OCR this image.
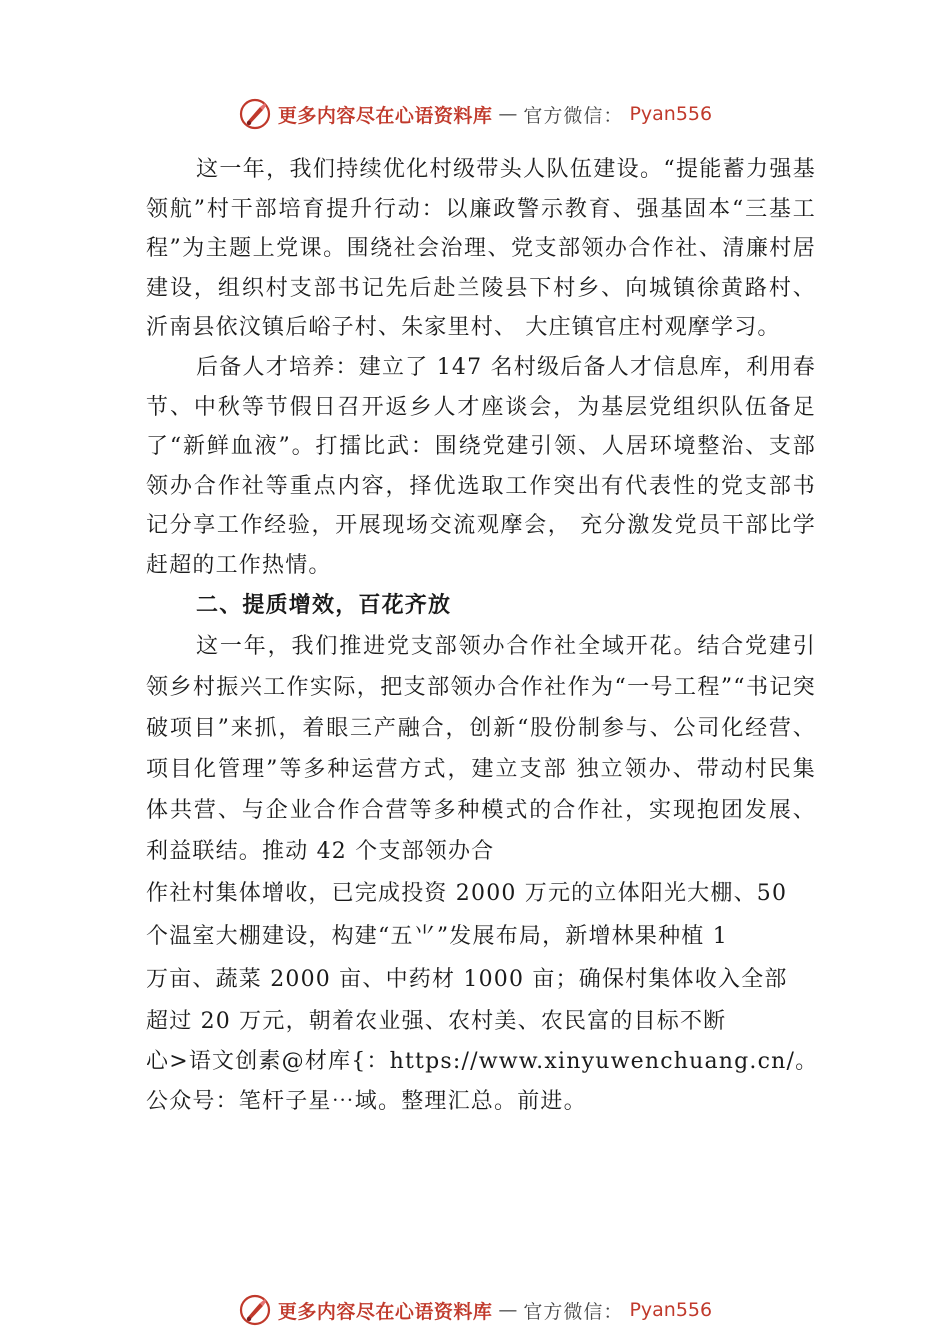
更多内容尽在心语资料库 — 官方微信： Pyan556

这一年，我们持续优化村级带头人队伍建设。“提能蓄力强基领航”村干部培育提升行动：以廉政警示教育、强基固本“三基工程”为主题上党课。围绕社会治理、党支部领办合作社、清廉村居建设，组织村支部书记先后赴兰陵县下村乡、向城镇徐黄路村、沂南县依汶镇后峪子村、朱家里村、 大庄镇官庄村观摩学习。

后备人才培养：建立了 147 名村级后备人才信息库，利用春节、中秋等节假日召开返乡人才座谈会，为基层党组织队伍备足了“新鲜血液”。打擂比武：围绕党建引领、人居环境整治、支部领办合作社等重点内容，择优选取工作突出有代表性的党支部书记分享工作经验，开展现场交流观摩会， 充分激发党员干部比学赶超的工作热情。

二、提质增效，百花齐放

这一年，我们推进党支部领办合作社全域开花。结合党建引领乡村振兴工作实际，把支部领办合作社作为“一号工程”“书记突破项目”来抓，着眼三产融合，创新“股份制参与、公司化经营、项目化管理”等多种运营方式，建立支部 独立领办、带动村民集体共营、与企业合作合营等多种模式的合作社，实现抱团发展、利益联结。推动 42 个支部领办合

作社村集体增收，已完成投资 2000 万元的立体阳光大棚、50

个温室大棚建设，构建“五⺌”发展布局，新增林果种植 1

万亩、蔬菜 2000 亩、中药材 1000 亩；确保村集体收入全部

超过 20 万元，朝着农业强、农村美、农民富的目标不断

心>语文创素@材库{：https://www.xinyuwenchuang.cn/。

公众号：笔杆子星⋯域。整理汇总。前进。

更多内容尽在心语资料库 — 官方微信： Pyan556
